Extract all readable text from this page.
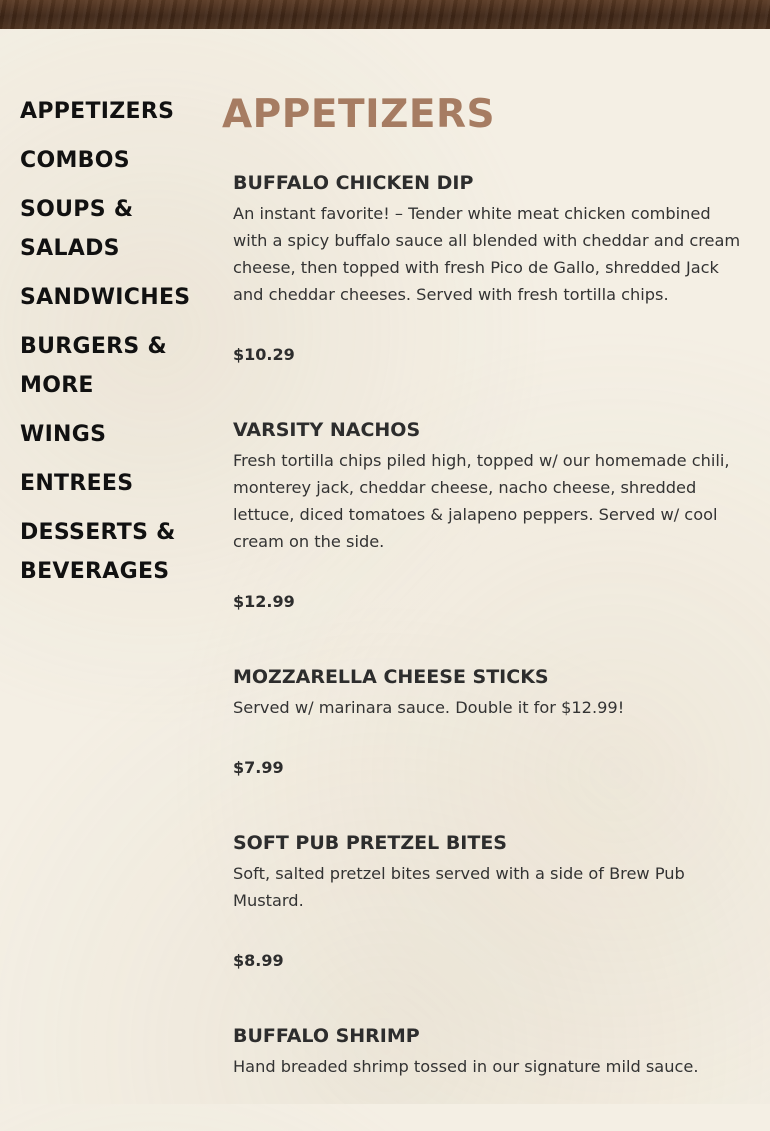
APPETIZERS
COMBOS
SOUPS & SALADS
SANDWICHES
BURGERS & MORE
WINGS
ENTREES
DESSERTS & BEVERAGES
APPETIZERS
BUFFALO CHICKEN DIP
An instant favorite! – Tender white meat chicken combined with a spicy buffalo sauce all blended with cheddar and cream cheese, then topped with fresh Pico de Gallo, shredded Jack and cheddar cheeses. Served with fresh tortilla chips.
$10.29
VARSITY NACHOS
Fresh tortilla chips piled high, topped w/ our homemade chili, monterey jack, cheddar cheese, nacho cheese, shredded lettuce, diced tomatoes & jalapeno peppers. Served w/ cool cream on the side.
$12.99
MOZZARELLA CHEESE STICKS
Served w/ marinara sauce. Double it for $12.99!
$7.99
SOFT PUB PRETZEL BITES
Soft, salted pretzel bites served with a side of Brew Pub Mustard.
$8.99
BUFFALO SHRIMP
Hand breaded shrimp tossed in our signature mild sauce.
